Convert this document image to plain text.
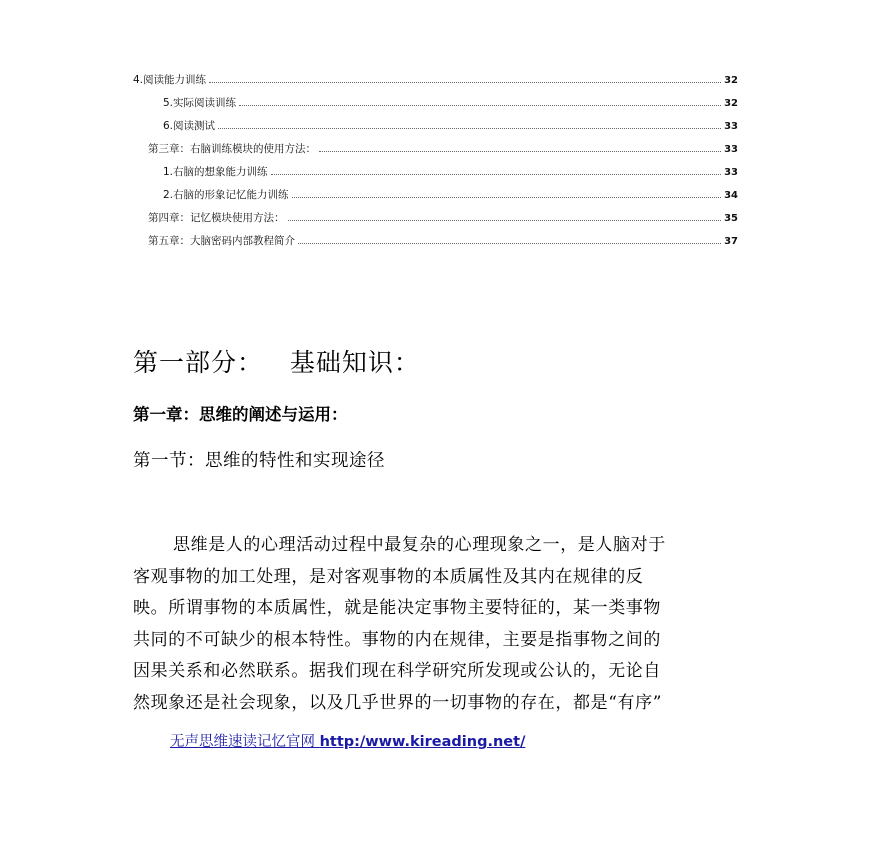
4.阅读能力训练	32
5.实际阅读训练	32
6.阅读测试	33
第三章：右脑训练模块的使用方法：	33
1.右脑的想象能力训练	33
2.右脑的形象记忆能力训练	34
第四章：记忆模块使用方法：	35
第五章：大脑密码内部教程简介	37
第一部分：   基础知识：
第一章：思维的阐述与运用：
第一节：思维的特性和实现途径
思维是人的心理活动过程中最复杂的心理现象之一，是人脑对于
客观事物的加工处理，是对客观事物的本质属性及其内在规律的反
映。所谓事物的本质属性，就是能决定事物主要特征的，某一类事物
共同的不可缺少的根本特性。事物的内在规律，主要是指事物之间的
因果关系和必然联系。据我们现在科学研究所发现或公认的，无论自
然现象还是社会现象，以及几乎世界的一切事物的存在，都是“有序”
无声思维速读记忆官网 http:/www.kireading.net/
